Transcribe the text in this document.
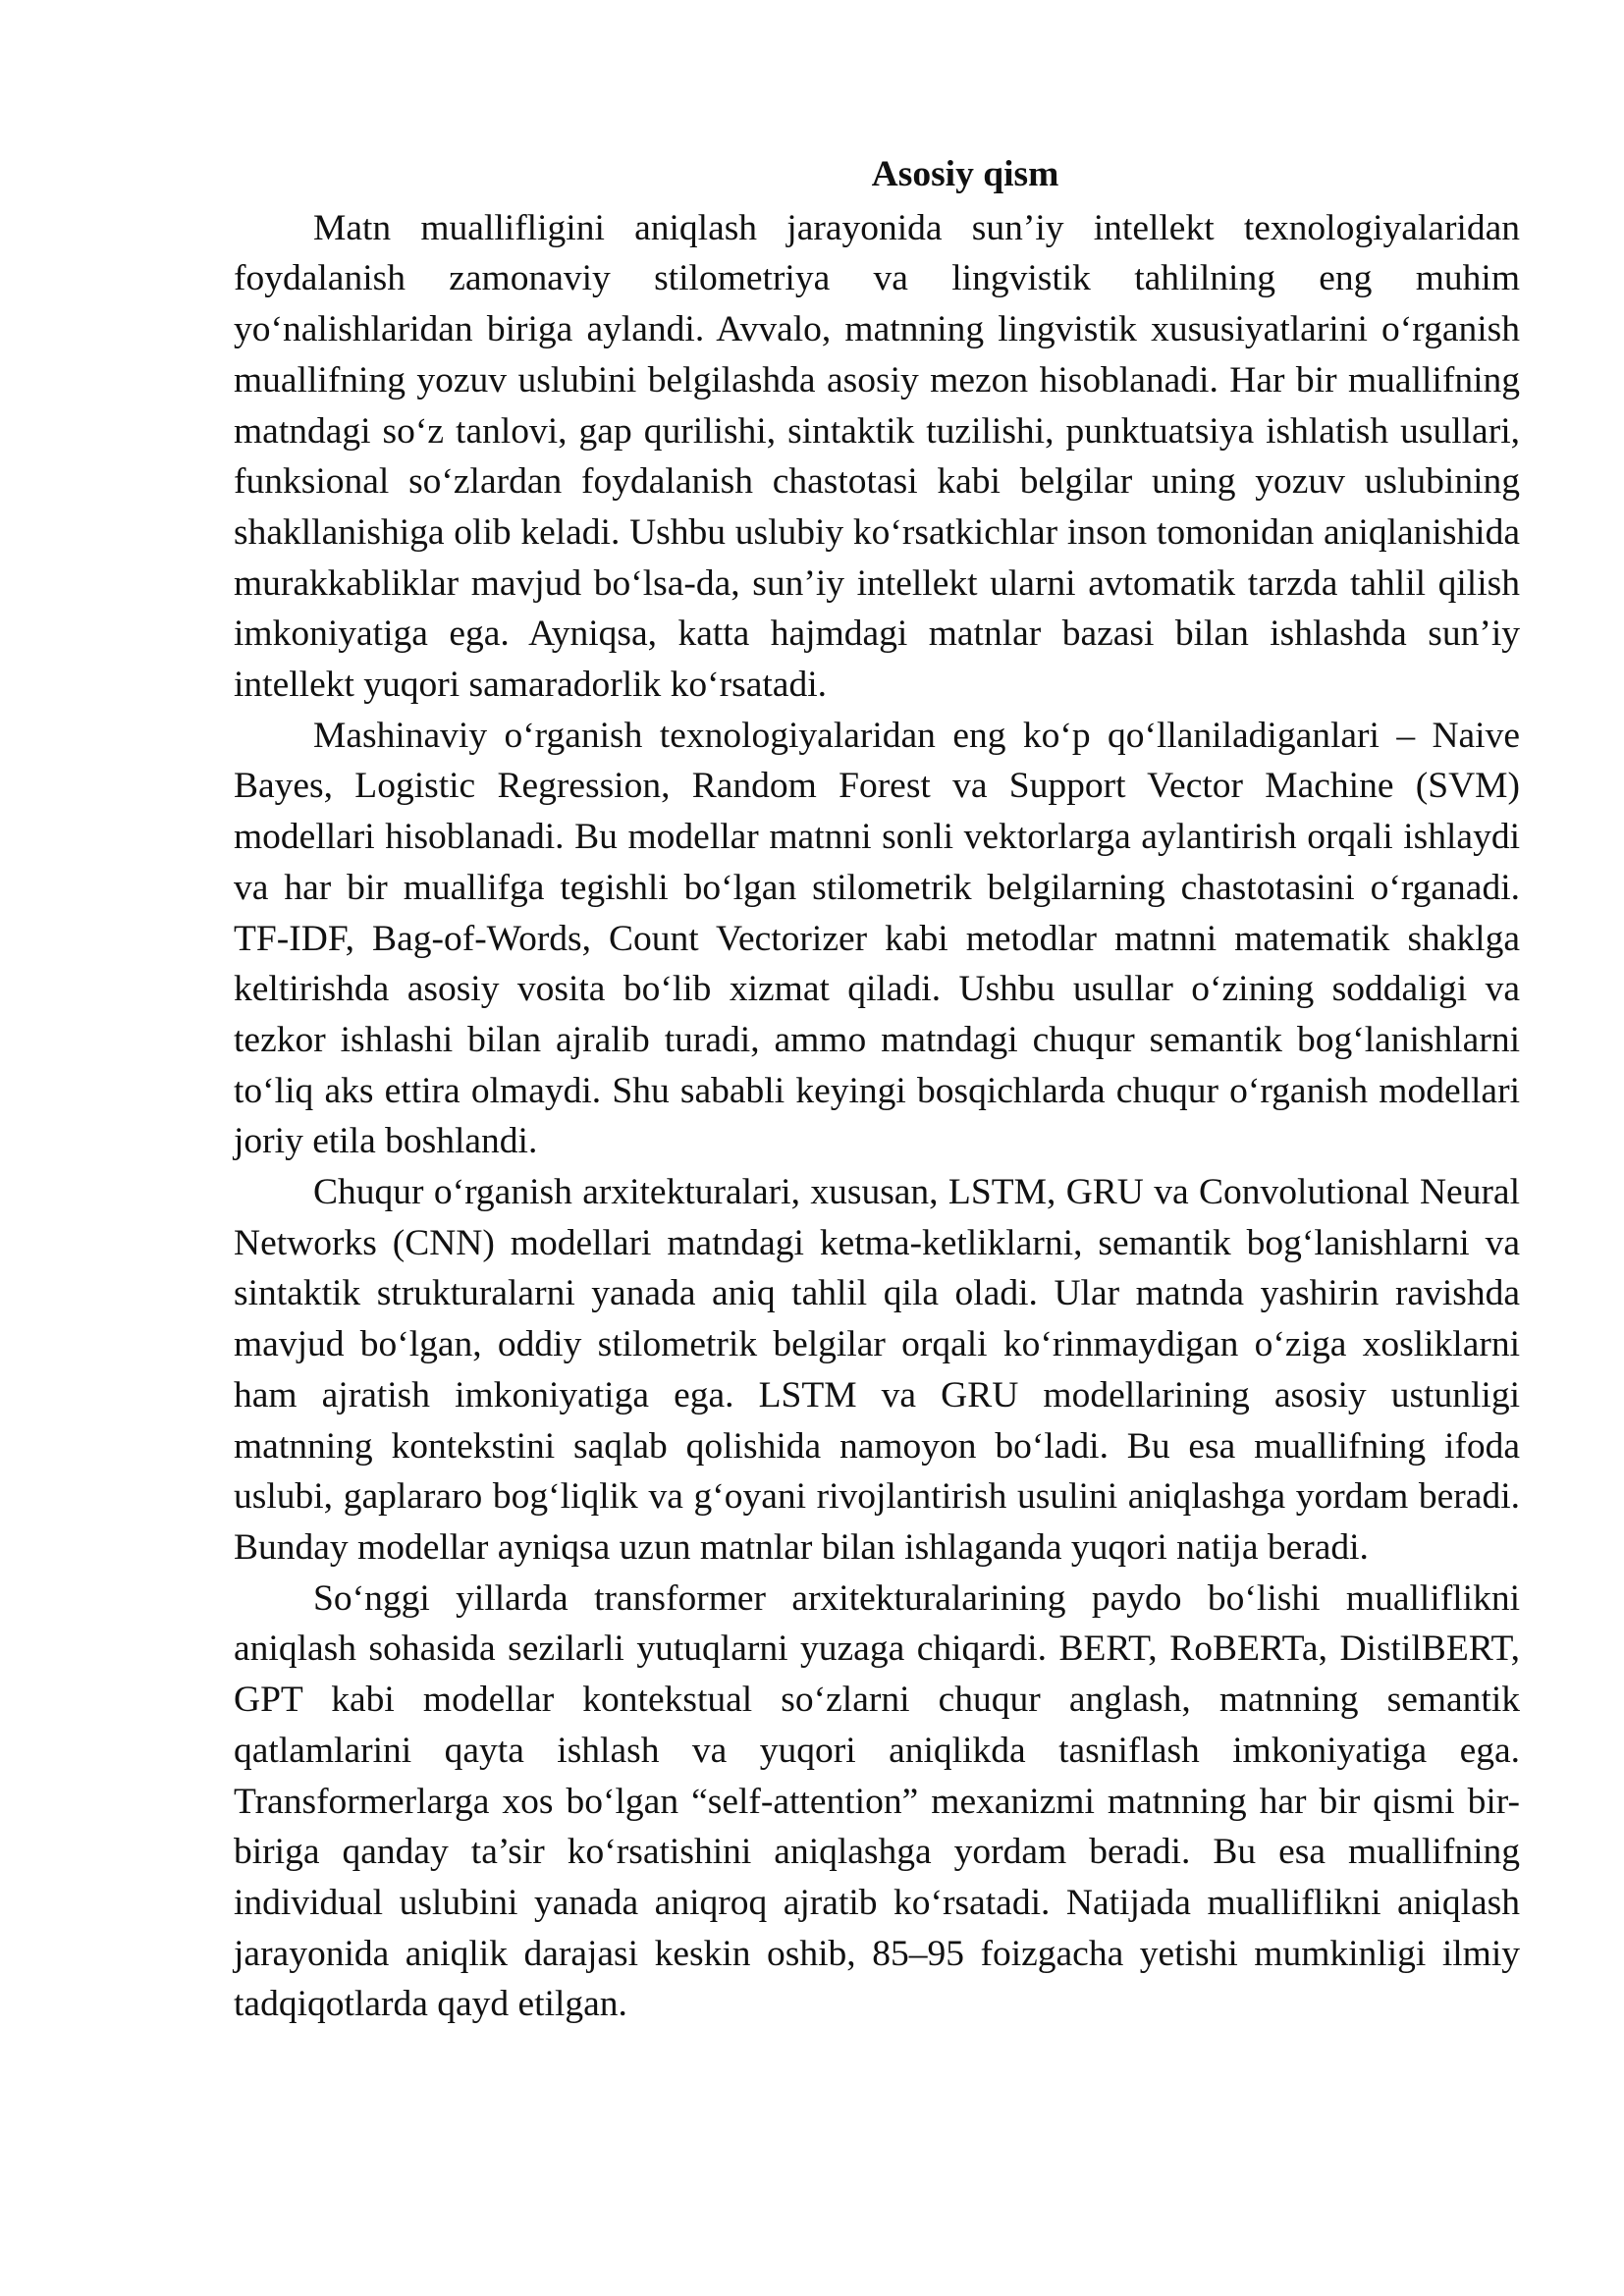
Asosiy qism

Matn muallifligini aniqlash jarayonida sun’iy intellekt texnologiyalaridan foydalanish zamonaviy stilometriya va lingvistik tahlilning eng muhim yo‘nalishlaridan biriga aylandi. Avvalo, matnning lingvistik xususiyatlarini o‘rganish muallifning yozuv uslubini belgilashda asosiy mezon hisoblanadi. Har bir muallifning matndagi so‘z tanlovi, gap qurilishi, sintaktik tuzilishi, punktuatsiya ishlatish usullari, funksional so‘zlardan foydalanish chastotasi kabi belgilar uning yozuv uslubining shakllanishiga olib keladi. Ushbu uslubiy ko‘rsatkichlar inson tomonidan aniqlanishida murakkabliklar mavjud bo‘lsa-da, sun’iy intellekt ularni avtomatik tarzda tahlil qilish imkoniyatiga ega. Ayniqsa, katta hajmdagi matnlar bazasi bilan ishlashda sun’iy intellekt yuqori samaradorlik ko‘rsatadi.

Mashinaviy o‘rganish texnologiyalaridan eng ko‘p qo‘llaniladiganlari – Naive Bayes, Logistic Regression, Random Forest va Support Vector Machine (SVM) modellari hisoblanadi. Bu modellar matnni sonli vektorlarga aylantirish orqali ishlaydi va har bir muallifga tegishli bo‘lgan stilometrik belgilarning chastotasini o‘rganadi. TF-IDF, Bag-of-Words, Count Vectorizer kabi metodlar matnni matematik shaklga keltirishda asosiy vosita bo‘lib xizmat qiladi. Ushbu usullar o‘zining soddaligi va tezkor ishlashi bilan ajralib turadi, ammo matndagi chuqur semantik bog‘lanishlarni to‘liq aks ettira olmaydi. Shu sababli keyingi bosqichlarda chuqur o‘rganish modellari joriy etila boshlandi.

Chuqur o‘rganish arxitekturalari, xususan, LSTM, GRU va Convolutional Neural Networks (CNN) modellari matndagi ketma-ketliklarni, semantik bog‘lanishlarni va sintaktik strukturalarni yanada aniq tahlil qila oladi. Ular matnda yashirin ravishda mavjud bo‘lgan, oddiy stilometrik belgilar orqali ko‘rinmaydigan o‘ziga xosliklarni ham ajratish imkoniyatiga ega. LSTM va GRU modellarining asosiy ustunligi matnning kontekstini saqlab qolishida namoyon bo‘ladi. Bu esa muallifning ifoda uslubi, gaplararo bog‘liqlik va g‘oyani rivojlantirish usulini aniqlashga yordam beradi. Bunday modellar ayniqsa uzun matnlar bilan ishlaganda yuqori natija beradi.

So‘nggi yillarda transformer arxitekturalarining paydo bo‘lishi mualliflikni aniqlash sohasida sezilarli yutuqlarni yuzaga chiqardi. BERT, RoBERTa, DistilBERT, GPT kabi modellar kontekstual so‘zlarni chuqur anglash, matnning semantik qatlamlarini qayta ishlash va yuqori aniqlikda tasniflash imkoniyatiga ega. Transformerlarga xos bo‘lgan “self-attention” mexanizmi matnning har bir qismi bir-biriga qanday ta’sir ko‘rsatishini aniqlashga yordam beradi. Bu esa muallifning individual uslubini yanada aniqroq ajratib ko‘rsatadi. Natijada mualliflikni aniqlash jarayonida aniqlik darajasi keskin oshib, 85–95 foizgacha yetishi mumkinligi ilmiy tadqiqotlarda qayd etilgan.
